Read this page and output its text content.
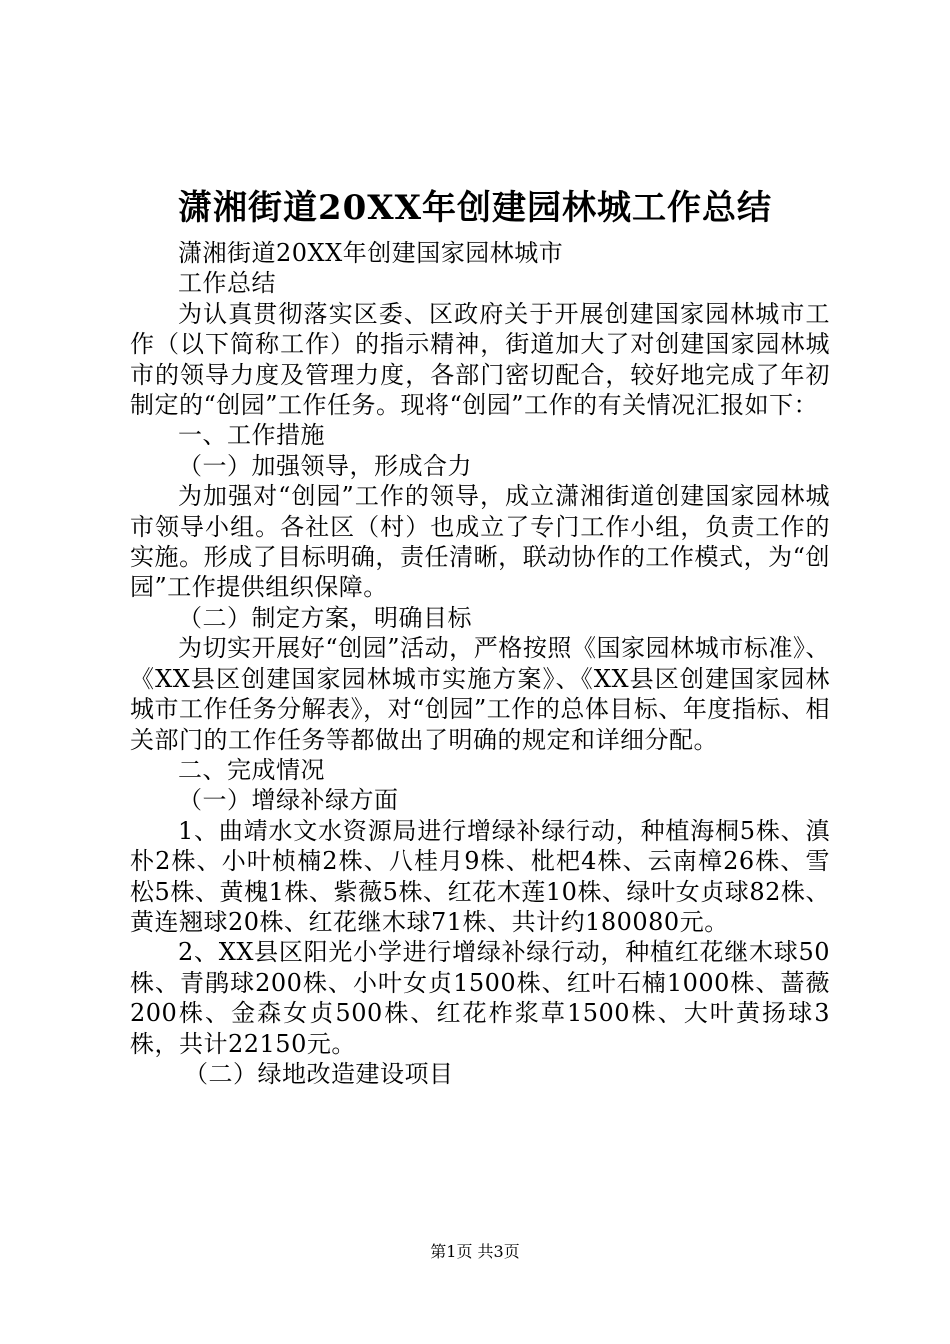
潇湘街道20XX年创建园林城工作总结

潇湘街道20XX年创建国家园林城市

工作总结

为认真贯彻落实区委、区政府关于开展创建国家园林城市工作（以下简称工作）的指示精神，街道加大了对创建国家园林城市的领导力度及管理力度，各部门密切配合，较好地完成了年初制定的“创园”工作任务。现将“创园”工作的有关情况汇报如下：

一、工作措施

（一）加强领导，形成合力

为加强对“创园”工作的领导，成立潇湘街道创建国家园林城市领导小组。各社区（村）也成立了专门工作小组，负责工作的实施。形成了目标明确，责任清晰，联动协作的工作模式，为“创园”工作提供组织保障。

（二）制定方案，明确目标

为切实开展好“创园”活动，严格按照《国家园林城市标准》、《XX县区创建国家园林城市实施方案》、《XX县区创建国家园林城市工作任务分解表》，对“创园”工作的总体目标、年度指标、相关部门的工作任务等都做出了明确的规定和详细分配。

二、完成情况

（一）增绿补绿方面

1、曲靖水文水资源局进行增绿补绿行动，种植海桐5株、滇朴2株、小叶桢楠2株、八桂月9株、枇杷4株、云南樟26株、雪松5株、黄槐1株、紫薇5株、红花木莲10株、绿叶女贞球82株、黄连翘球20株、红花继木球71株、共计约180080元。

2、XX县区阳光小学进行增绿补绿行动，种植红花继木球50株、青鹃球200株、小叶女贞1500株、红叶石楠1000株、蔷薇200株、金森女贞500株、红花柞浆草1500株、大叶黄扬球3株，共计22150元。

（二）绿地改造建设项目

第1页 共3页
